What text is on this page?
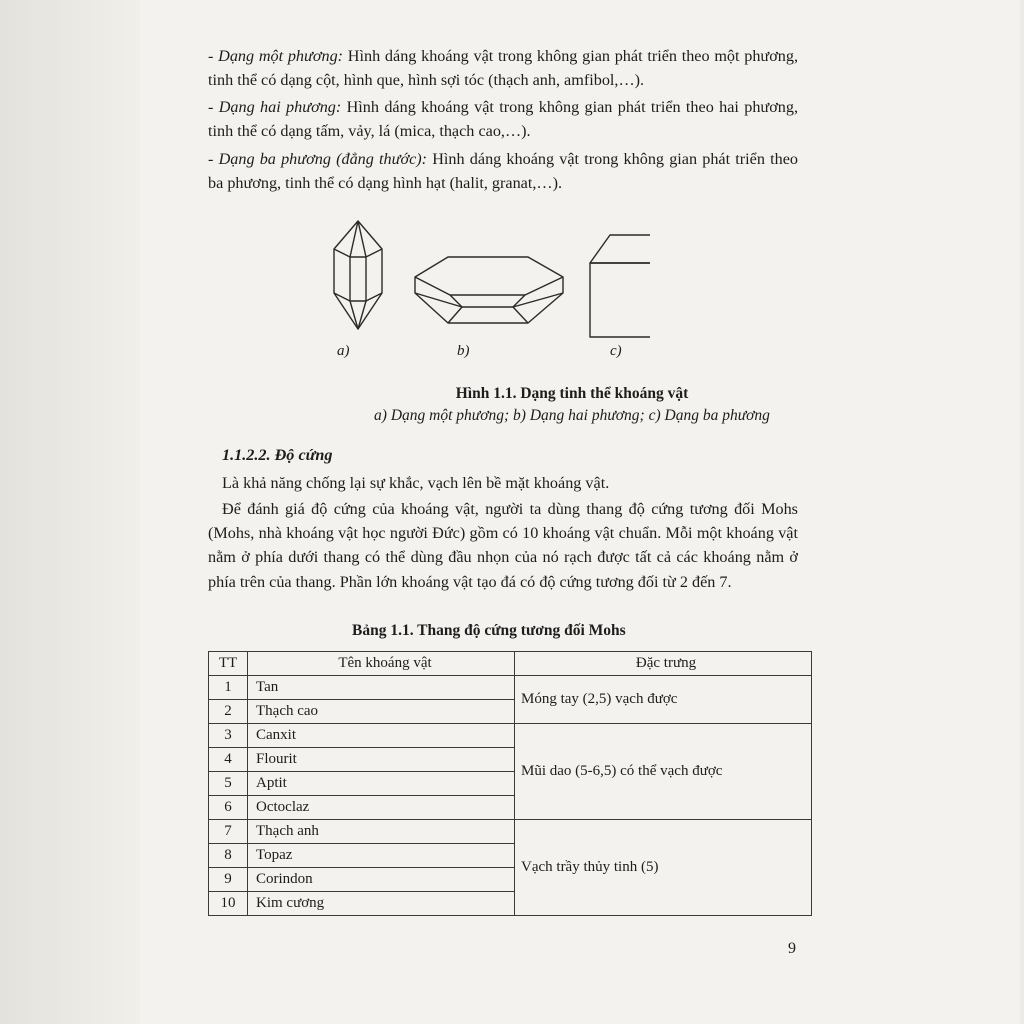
- Dạng một phương: Hình dáng khoáng vật trong không gian phát triển theo một phương, tinh thể có dạng cột, hình que, hình sợi tóc (thạch anh, amfibol,…).

- Dạng hai phương: Hình dáng khoáng vật trong không gian phát triển theo hai phương, tinh thể có dạng tấm, vảy, lá (mica, thạch cao,…).

- Dạng ba phương (đẳng thước): Hình dáng khoáng vật trong không gian phát triển theo ba phương, tinh thể có dạng hình hạt (halit, granat,…).

a)	b)	c)
Hình 1.1. Dạng tinh thể khoáng vật
a) Dạng một phương; b) Dạng hai phương; c) Dạng ba phương
1.1.2.2. Độ cứng

Là khả năng chống lại sự khắc, vạch lên bề mặt khoáng vật.

Để đánh giá độ cứng của khoáng vật, người ta dùng thang độ cứng tương đối Mohs (Mohs, nhà khoáng vật học người Đức) gồm có 10 khoáng vật chuẩn. Mỗi một khoáng vật nằm ở phía dưới thang có thể dùng đầu nhọn của nó rạch được tất cả các khoáng nằm ở phía trên của thang. Phần lớn khoáng vật tạo đá có độ cứng tương đối từ 2 đến 7.

Bảng 1.1. Thang độ cứng tương đối Mohs
TT	Tên khoáng vật	Đặc trưng
1	Tan	Móng tay (2,5) vạch được
2	Thạch cao	
3	Canxit	Mũi dao (5-6,5) có thể vạch được
4	Flourit	
5	Aptit	
6	Octoclaz	
7	Thạch anh	Vạch trầy thủy tinh (5)
8	Topaz	
9	Corindon	
10	Kim cương	
9
